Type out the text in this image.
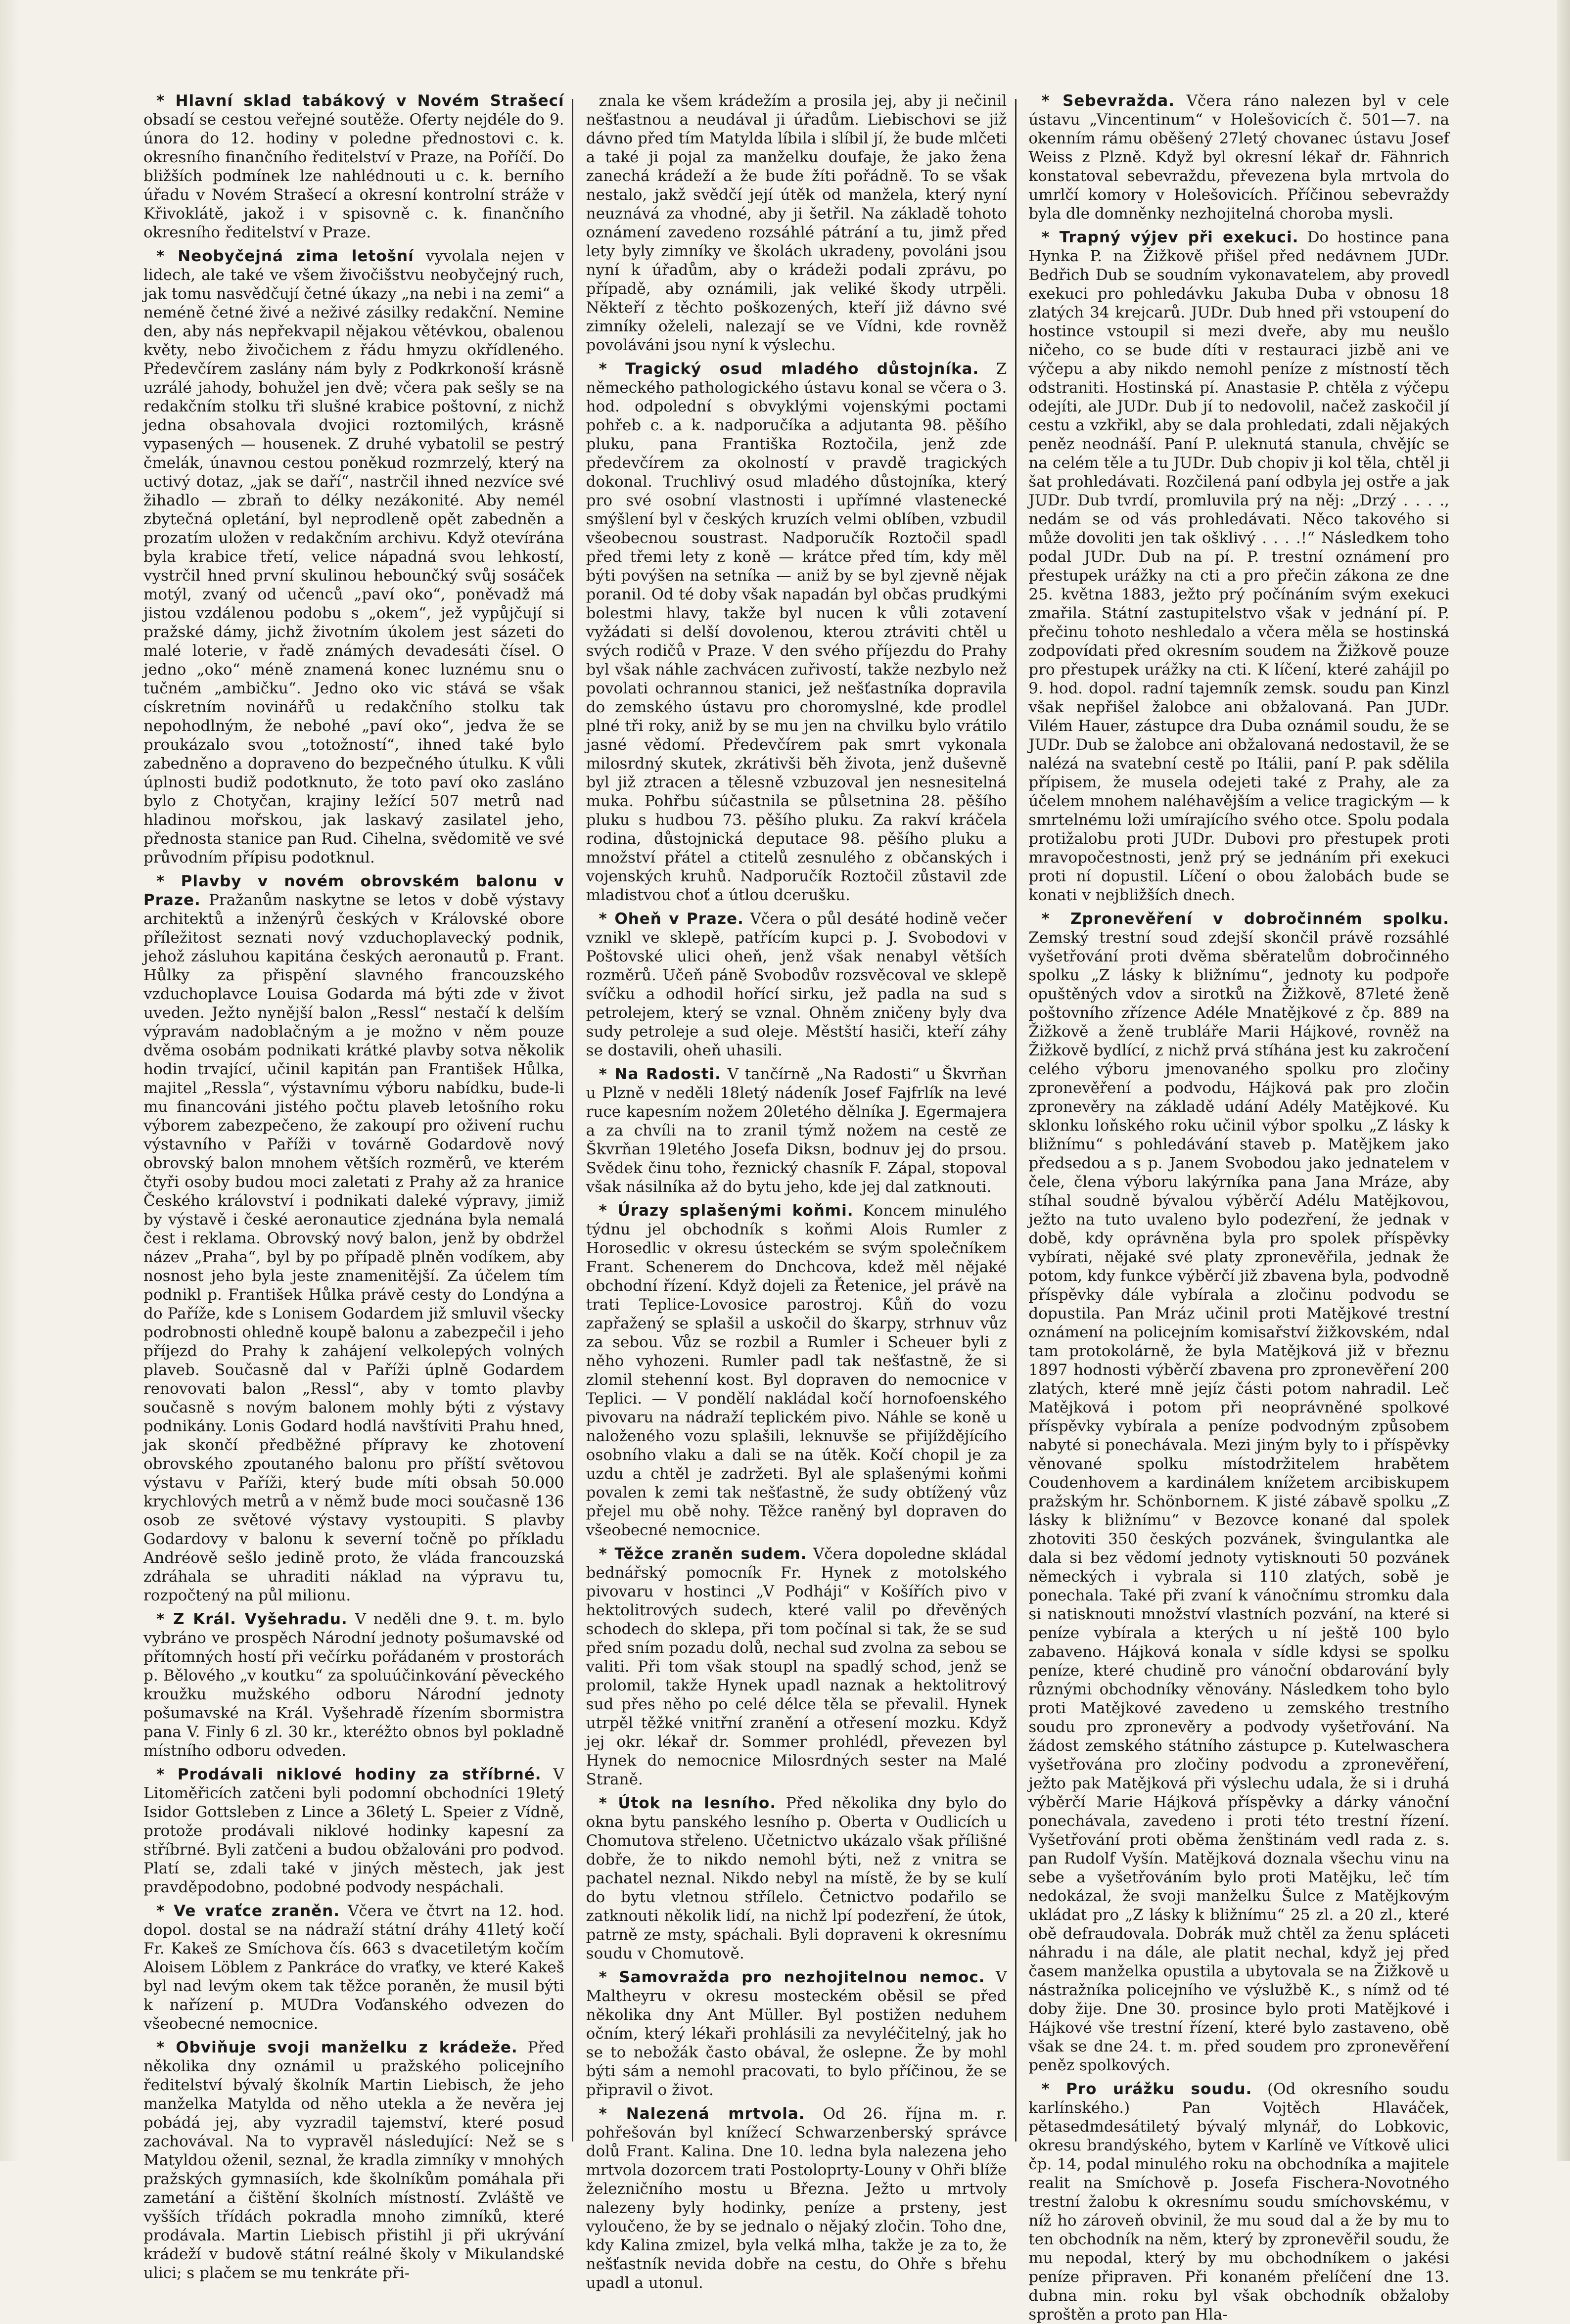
* Hlavní sklad tabákový v Novém Strašecí obsadí se cestou veřejné soutěže. Oferty nejdéle do 9. února do 12. hodiny v poledne přednostovi c. k. okresního finančního ředitelství v Praze, na Poříčí. Do bližších podmínek lze nahlédnouti u c. k. berního úřadu v Novém Strašecí a okresní kontrolní stráže v Křivoklátě, jakož i v spisovně c. k. finančního okresního ředitelství v Praze.

* Neobyčejná zima letošní vyvolala nejen v lidech, ale také ve všem živočišstvu neobyčejný ruch, jak tomu nasvědčují četné úkazy „na nebi i na zemi“ a neméně četné živé a neživé zásilky redakční. Nemine den, aby nás nepřekvapil nějakou větévkou, obalenou květy, nebo živočichem z řádu hmyzu okřídleného. Předevčírem zaslány nám byly z Podkrkonoší krásně uzrálé jahody, bohužel jen dvě; včera pak sešly se na redakčním stolku tři slušné krabice poštovní, z nichž jedna obsahovala dvojici roztomilých, krásně vypasených — housenek. Z druhé vybatolil se pestrý čmelák, únavnou cestou poněkud rozmrzelý, který na uctivý dotaz, „jak se daří“, nastrčil ihned nezvíce své žihadlo — zbraň to délky nezákonité. Aby nemél zbytečná opletání, byl neprodleně opět zabedněn a prozatím uložen v redakčním archivu. Když otevírána byla krabice třetí, velice nápadná svou lehkostí, vystrčil hned první skulinou hebounčký svůj sosáček motýl, zvaný od učenců „paví oko“, poněvadž má jistou vzdálenou podobu s „okem“, jež vypůjčují si pražské dámy, jichž životním úkolem jest sázeti do malé loterie, v řadě známých devadesáti čísel. O jedno „oko“ méně znamená konec luznému snu o tučném „ambičku“. Jedno oko vic stává se však cískretním novinářů u redakčního stolku tak nepohodlným, že nebohé „paví oko“, jedva že se proukázalo svou „totožností“, ihned také bylo zabedněno a dopraveno do bezpečného útulku. K vůli úplnosti budiž podotknuto, že toto paví oko zasláno bylo z Chotyčan, krajiny ležící 507 metrů nad hladinou mořskou, jak laskavý zasilatel jeho, přednosta stanice pan Rud. Cihelna, svědomitě ve své průvodním přípisu podotknul.

* Plavby v novém obrovském balonu v Praze. Pražanům naskytne se letos v době výstavy architektů a inženýrů českých v Královské obore příležitost seznati nový vzduchoplavecký podnik, jehož zásluhou kapitána českých aeronautů p. Frant. Hůlky za přispění slavného francouzského vzduchoplavce Louisa Godarda má býti zde v život uveden. Ježto nynější balon „Ressl“ nestačí k delším výpravám nadoblačným a je možno v něm pouze dvěma osobám podnikati krátké plavby sotva několik hodin trvající, učinil kapitán pan František Hůlka, majitel „Ressla“, výstavnímu výboru nabídku, bude-li mu financováni jistého počtu plaveb letošního roku výborem zabezpečeno, že zakoupí pro oživení ruchu výstavního v Paříži v továrně Godardově nový obrovský balon mnohem větších rozměrů, ve kterém čtyři osoby budou moci zaletati z Prahy až za hranice Českého království i podnikati daleké výpravy, jimiž by výstavě i české aeronautice zjednána byla nemalá čest i reklama. Obrovský nový balon, jenž by obdržel název „Praha“, byl by po případě plněn vodíkem, aby nosnost jeho byla jeste znamenitější. Za účelem tím podnikl p. František Hůlka právě cesty do Londýna a do Paříže, kde s Lonisem Godardem již smluvil všecky podrobnosti ohledně koupě balonu a zabezpečil i jeho příjezd do Prahy k zahájení velkolepých volných plaveb. Současně dal v Paříži úplně Godardem renovovati balon „Ressl“, aby v tomto plavby současně s novým balonem mohly býti z výstavy podnikány. Lonis Godard hodlá navštíviti Prahu hned, jak skončí předběžné přípravy ke zhotovení obrovského zpoutaného balonu pro příští světovou výstavu v Paříži, který bude míti obsah 50.000 krychlových metrů a v němž bude moci současně 136 osob ze světové výstavy vystoupiti. S plavby Godardovy v balonu k severní točně po příkladu Andréově sešlo jedině proto, že vláda francouzská zdráhala se uhraditi náklad na výpravu tu, rozpočtený na půl milionu.

* Z Král. Vyšehradu. V neděli dne 9. t. m. bylo vybráno ve prospěch Národní jednoty pošumavské od přítomných hostí při večírku pořádaném v prostorách p. Bělového „v koutku“ za spoluúčinkování pěveckého kroužku mužského odboru Národní jednoty pošumavské na Král. Vyšehradě řízením sbormistra pana V. Finly 6 zl. 30 kr., kteréžto obnos byl pokladně místního odboru odveden.

* Prodávali niklové hodiny za stříbrné. V Litoměřicích zatčeni byli podomní obchodníci 19letý Isidor Gottsleben z Lince a 36letý L. Speier z Vídně, protože prodávali niklové hodinky kapesní za stříbrné. Byli zatčeni a budou obžalováni pro podvod. Platí se, zdali také v jiných městech, jak jest pravděpodobno, podobné podvody nespáchali.

* Ve vraťce zraněn. Včera ve čtvrt na 12. hod. dopol. dostal se na nádraží státní dráhy 41letý kočí Fr. Kakeš ze Smíchova čís. 663 s dvacetiletým kočím Aloisem Löblem z Pankráce do vraťky, ve které Kakeš byl nad levým okem tak těžce poraněn, že musil býti k nařízení p. MUDra Voďanského odvezen do všeobecné nemocnice.

* Obviňuje svoji manželku z krádeže. Před několika dny oznámil u pražského policejního ředitelství bývalý školník Martin Liebisch, že jeho manželka Matylda od něho utekla a že nevěra jej pobádá jej, aby vyzradil tajemství, které posud zachovával. Na to vypravěl následující: Než se s Matyldou oženil, seznal, že kradla zimníky v mnohých pražských gymnasiích, kde školníkům pomáhala při zametání a čištění školních místností. Zvláště ve vyšších třídách pokradla mnoho zimníků, které prodávala. Martin Liebisch přistihl ji při ukrývání krádeží v budově státní reálné školy v Mikulandské ulici; s plačem se mu tenkráte při-

znala ke všem krádežím a prosila jej, aby ji nečinil nešťastnou a neudával ji úřadům. Liebischovi se již dávno před tím Matylda líbila i slíbil jí, že bude mlčeti a také ji pojal za manželku doufaje, že jako žena zanechá krádeží a že bude žíti pořádně. To se však nestalo, jakž svědčí její útěk od manžela, který nyní neuznává za vhodné, aby ji šetřil. Na základě tohoto oznámení zavedeno rozsáhlé pátrání a tu, jimž před lety byly zimníky ve školách ukradeny, povoláni jsou nyní k úřadům, aby o krádeži podali zprávu, po případě, aby oznámili, jak veliké škody utrpěli. Někteří z těchto poškozených, kteří již dávno své zimníky oželeli, nalezají se ve Vídni, kde rovněž povoláváni jsou nyní k výslechu.

* Tragický osud mladého důstojníka. Z německého pathologického ústavu konal se včera o 3. hod. odpolední s obvyklými vojenskými poctami pohřeb c. a k. nadporučíka a adjutanta 98. pěšího pluku, pana Františka Roztočila, jenž zde předevčírem za okolností v pravdě tragických dokonal. Truchlivý osud mladého důstojníka, který pro své osobní vlastnosti i upřímné vlastenecké smýšlení byl v českých kruzích velmi oblíben, vzbudil všeobecnou soustrast. Nadporučík Roztočil spadl před třemi lety z koně — krátce před tím, kdy měl býti povýšen na setníka — aniž by se byl zjevně nějak poranil. Od té doby však napadán byl občas prudkými bolestmi hlavy, takže byl nucen k vůli zotavení vyžádati si delší dovolenou, kterou ztráviti chtěl u svých rodičů v Praze. V den svého příjezdu do Prahy byl však náhle zachvácen zuřivostí, takže nezbylo než povolati ochrannou stanici, jež nešťastníka dopravila do zemského ústavu pro choromyslné, kde prodlel plné tři roky, aniž by se mu jen na chvilku bylo vrátilo jasné vědomí. Předevčírem pak smrt vykonala milosrdný skutek, zkrátivši běh života, jenž duševně byl již ztracen a tělesně vzbuzoval jen nesnesitelná muka. Pohřbu súčastnila se půlsetnina 28. pěšího pluku s hudbou 73. pěšího pluku. Za rakví kráčela rodina, důstojnická deputace 98. pěšího pluku a množství přátel a ctitelů zesnulého z občanských i vojenských kruhů. Nadporučík Roztočil zůstavil zde mladistvou choť a útlou dcerušku.

* Oheň v Praze. Včera o půl desáté hodině večer vznikl ve sklepě, patřícím kupci p. J. Svobodovi v Poštovské ulici oheň, jenž však nenabyl větších rozměrů. Učeň páně Svobodův rozsvěcoval ve sklepě svíčku a odhodil hořící sirku, jež padla na sud s petrolejem, který se vznal. Ohněm zničeny byly dva sudy petroleje a sud oleje. Městští hasiči, kteří záhy se dostavili, oheň uhasili.

* Na Radosti. V tančírně „Na Radosti“ u Škvrňan u Plzně v neděli 18letý nádeník Josef Fajfrlík na levé ruce kapesním nožem 20letého dělníka J. Egermajera a za chvíli na to zranil týmž nožem na cestě ze Škvrňan 19letého Josefa Diksn, bodnuv jej do prsou. Svědek činu toho, řeznický chasník F. Zápal, stopoval však násilníka až do bytu jeho, kde jej dal zatknouti.

* Úrazy splašenými koňmi. Koncem minulého týdnu jel obchodník s koňmi Alois Rumler z Horosedlic v okresu ústeckém se svým společníkem Frant. Schenerem do Dnchcova, kdež měl nějaké obchodní řízení. Když dojeli za Řetenice, jel právě na trati Teplice-Lovosice parostroj. Kůň do vozu zapřažený se splašil a uskočil do škarpy, strhnuv vůz za sebou. Vůz se rozbil a Rumler i Scheuer byli z něho vyhozeni. Rumler padl tak nešťastně, že si zlomil stehenní kost. Byl dopraven do nemocnice v Teplici. — V pondělí nakládal kočí hornofoenského pivovaru na nádraží teplickém pivo. Náhle se koně u naloženého vozu splašili, leknuvše se přijíždějícího osobního vlaku a dali se na útěk. Kočí chopil je za uzdu a chtěl je zadržeti. Byl ale splašenými koňmi povalen k zemi tak nešťastně, že sudy obtížený vůz přejel mu obě nohy. Těžce raněný byl dopraven do všeobecné nemocnice.

* Těžce zraněn sudem. Včera dopoledne skládal bednářský pomocník Fr. Hynek z motolského pivovaru v hostinci „V Podháji“ v Košířích pivo v hektolitrových sudech, které valil po dřevěných schodech do sklepa, při tom počínal si tak, že se sud před sním pozadu dolů, nechal sud zvolna za sebou se valiti. Při tom však stoupl na spadlý schod, jenž se prolomil, takže Hynek upadl naznak a hektolitrový sud přes něho po celé délce těla se převalil. Hynek utrpěl těžké vnitřní zranění a otřesení mozku. Když jej okr. lékař dr. Sommer prohlédl, převezen byl Hynek do nemocnice Milosrdných sester na Malé Straně.

* Útok na lesního. Před několika dny bylo do okna bytu panského lesního p. Oberta v Oudlicích u Chomutova střeleno. Učetnictvo ukázalo však přílišné dobře, že to nikdo nemohl býti, než z vnitra se pachatel neznal. Nikdo nebyl na místě, že by se kulí do bytu vletnou střílelo. Četnictvo podařilo se zatknouti několik lidí, na nichž lpí podezření, že útok, patrně ze msty, spáchali. Byli dopraveni k okresnímu soudu v Chomutově.

* Samovražda pro nezhojitelnou nemoc. V Maltheyru v okresu mosteckém oběsil se před několika dny Ant Müller. Byl postižen neduhem očním, který lékaři prohlásili za nevyléčitelný, jak ho se to nebožák často obával, že oslepne. Že by mohl býti sám a nemohl pracovati, to bylo příčinou, že se připravil o život.

* Nalezená mrtvola. Od 26. října m. r. pohřešován byl knížecí Schwarzenberský správce dolů Frant. Kalina. Dne 10. ledna byla nalezena jeho mrtvola dozorcem trati Postoloprty-Louny v Ohři blíže železničního mostu u Března. Ježto u mrtvoly nalezeny byly hodinky, peníze a prsteny, jest vyloučeno, že by se jednalo o nějaký zločin. Toho dne, kdy Kalina zmizel, byla velká mlha, takže je za to, že nešťastník nevida dobře na cestu, do Ohře s břehu upadl a utonul.

* Sebevražda. Včera ráno nalezen byl v cele ústavu „Vincentinum“ v Holešovicích č. 501—7. na okenním rámu oběšený 27letý chovanec ústavu Josef Weiss z Plzně. Když byl okresní lékař dr. Fähnrich konstatoval sebevraždu, převezena byla mrtvola do umrlčí komory v Holešovicích. Příčinou sebevraždy byla dle domněnky nezhojitelná choroba mysli.

* Trapný výjev při exekuci. Do hostince pana Hynka P. na Žižkově přišel před nedávnem JUDr. Bedřich Dub se soudním vykonavatelem, aby provedl exekuci pro pohledávku Jakuba Duba v obnosu 18 zlatých 34 krejcarů. JUDr. Dub hned při vstoupení do hostince vstoupil si mezi dveře, aby mu neušlo ničeho, co se bude díti v restauraci jizbě ani ve výčepu a aby nikdo nemohl peníze z místností těch odstraniti. Hostinská pí. Anastasie P. chtěla z výčepu odejíti, ale JUDr. Dub jí to nedovolil, načež zaskočil jí cestu a vzkřikl, aby se dala prohledati, zdali nějakých peněz neodnáší. Paní P. uleknutá stanula, chvějíc se na celém těle a tu JUDr. Dub chopiv ji kol těla, chtěl ji šat prohledávati. Rozčilená paní odbyla jej ostře a jak JUDr. Dub tvrdí, promluvila prý na něj: „Drzý . . . ., nedám se od vás prohledávati. Něco takového si může dovoliti jen tak ošklivý . . . .!“ Následkem toho podal JUDr. Dub na pí. P. trestní oznámení pro přestupek urážky na cti a pro přečin zákona ze dne 25. května 1883, ježto prý počínáním svým exekuci zmařila. Státní zastupitelstvo však v jednání pí. P. přečinu tohoto neshledalo a včera měla se hostinská zodpovídati před okresním soudem na Žižkově pouze pro přestupek urážky na cti. K líčení, které zahájil po 9. hod. dopol. radní tajemník zemsk. soudu pan Kinzl však nepřišel žalobce ani obžalovaná. Pan JUDr. Vilém Hauer, zástupce dra Duba oznámil soudu, že se JUDr. Dub se žalobce ani obžalovaná nedostavil, že se nalézá na svatební cestě po Itálii, paní P. pak sdělila přípisem, že musela odejeti také z Prahy, ale za účelem mnohem naléhavějším a velice tragickým — k smrtelnému loži umírajícího svého otce. Spolu podala protižalobu proti JUDr. Dubovi pro přestupek proti mravopočestnosti, jenž prý se jednáním při exekuci proti ní dopustil. Líčení o obou žalobách bude se konati v nejbližších dnech.

* Zpronevěření v dobročinném spolku. Zemský trestní soud zdejší skončil právě rozsáhlé vyšetřování proti dvěma sběratelům dobročinného spolku „Z lásky k bližnímu“, jednoty ku podpoře opuštěných vdov a sirotků na Žižkově, 87leté ženě poštovního zřízence Adéle Mnatějkové z čp. 889 na Žižkově a ženě trubláře Marii Hájkové, rovněž na Žižkově bydlící, z nichž prvá stíhána jest ku zakročení celého výboru jmenovaného spolku pro zločiny zpronevěření a podvodu, Hájková pak pro zločin zpronevěry na základě udání Adély Matějkové. Ku sklonku loňského roku učinil výbor spolku „Z lásky k bližnímu“ s pohledávání staveb p. Matějkem jako předsedou a s p. Janem Svobodou jako jednatelem v čele, člena výboru lakýrníka pana Jana Mráze, aby stíhal soudně bývalou výběrčí Adélu Matějkovou, ježto na tuto uvaleno bylo podezření, že jednak v době, kdy oprávněna byla pro spolek příspěvky vybírati, nějaké své platy zpronevěřila, jednak že potom, kdy funkce výběrčí již zbavena byla, podvodně příspěvky dále vybírala a zločinu podvodu se dopustila. Pan Mráz učinil proti Matějkové trestní oznámení na policejním komisařství žižkovském, ndal tam protokolárně, že byla Matějková již v březnu 1897 hodnosti výběrčí zbavena pro zpronevěření 200 zlatých, které mně jejíz části potom nahradil. Leč Matějková i potom při neoprávněné spolkové příspěvky vybírala a peníze podvodným způsobem nabyté si ponechávala. Mezi jiným byly to i příspěvky věnované spolku místodržitelem hrabětem Coudenhovem a kardinálem knížetem arcibiskupem pražským hr. Schönbornem. K jisté zábavě spolku „Z lásky k bližnímu“ v Bezovce konané dal spolek zhotoviti 350 českých pozvánek, švingulantka ale dala si bez vědomí jednoty vytisknouti 50 pozvánek německých i vybrala si 110 zlatých, sobě je ponechala. Také při zvaní k vánočnímu stromku dala si natisknouti množství vlastních pozvání, na které si peníze vybírala a kterých u ní ještě 100 bylo zabaveno. Hájková konala v sídle kdysi se spolku peníze, které chudině pro vánoční obdarování byly různými obchodníky věnovány. Následkem toho bylo proti Matějkové zavedeno u zemského trestního soudu pro zpronevěry a podvody vyšetřování. Na žádost zemského státního zástupce p. Kutelwaschera vyšetřována pro zločiny podvodu a zpronevěření, ježto pak Matějková při výslechu udala, že si i druhá výběrčí Marie Hájková příspěvky a dárky vánoční ponechávala, zavedeno i proti této trestní řízení. Vyšetřování proti oběma ženštinám vedl rada z. s. pan Rudolf Vyšín. Matějková doznala všechu vinu na sebe a vyšetřováním bylo proti Matějku, leč tím nedokázal, že svoji manželku Šulce z Matějkovým ukládat pro „Z lásky k bližnímu“ 25 zl. a 20 zl., které obě defraudovala. Dobrák muž chtěl za ženu spláceti náhradu i na dále, ale platit nechal, když jej před časem manželka opustila a ubytovala se na Žižkově u nástražníka policejního ve výslužbě K., s nímž od té doby žije. Dne 30. prosince bylo proti Matějkové i Hájkové vše trestní řízení, které bylo zastaveno, obě však se dne 24. t. m. před soudem pro zpronevěření peněz spolkových.

* Pro urážku soudu. (Od okresního soudu karlínského.) Pan Vojtěch Hlaváček, pětasedmdesátiletý bývalý mlynář, do Lobkovic, okresu brandýského, bytem v Karlíně ve Vítkově ulici čp. 14, podal minulého roku na obchodníka a majitele realit na Smíchově p. Josefa Fischera-Novotného trestní žalobu k okresnímu soudu smíchovskému, v níž ho zároveň obvinil, že mu soud dal a že by mu to ten obchodník na něm, který by zpronevěřil soudu, že mu nepodal, který by mu obchodníkem o jakési peníze připraven. Při konaném přelíčení dne 13. dubna min. roku byl však obchodník obžaloby sproštěn a proto pan Hla-
